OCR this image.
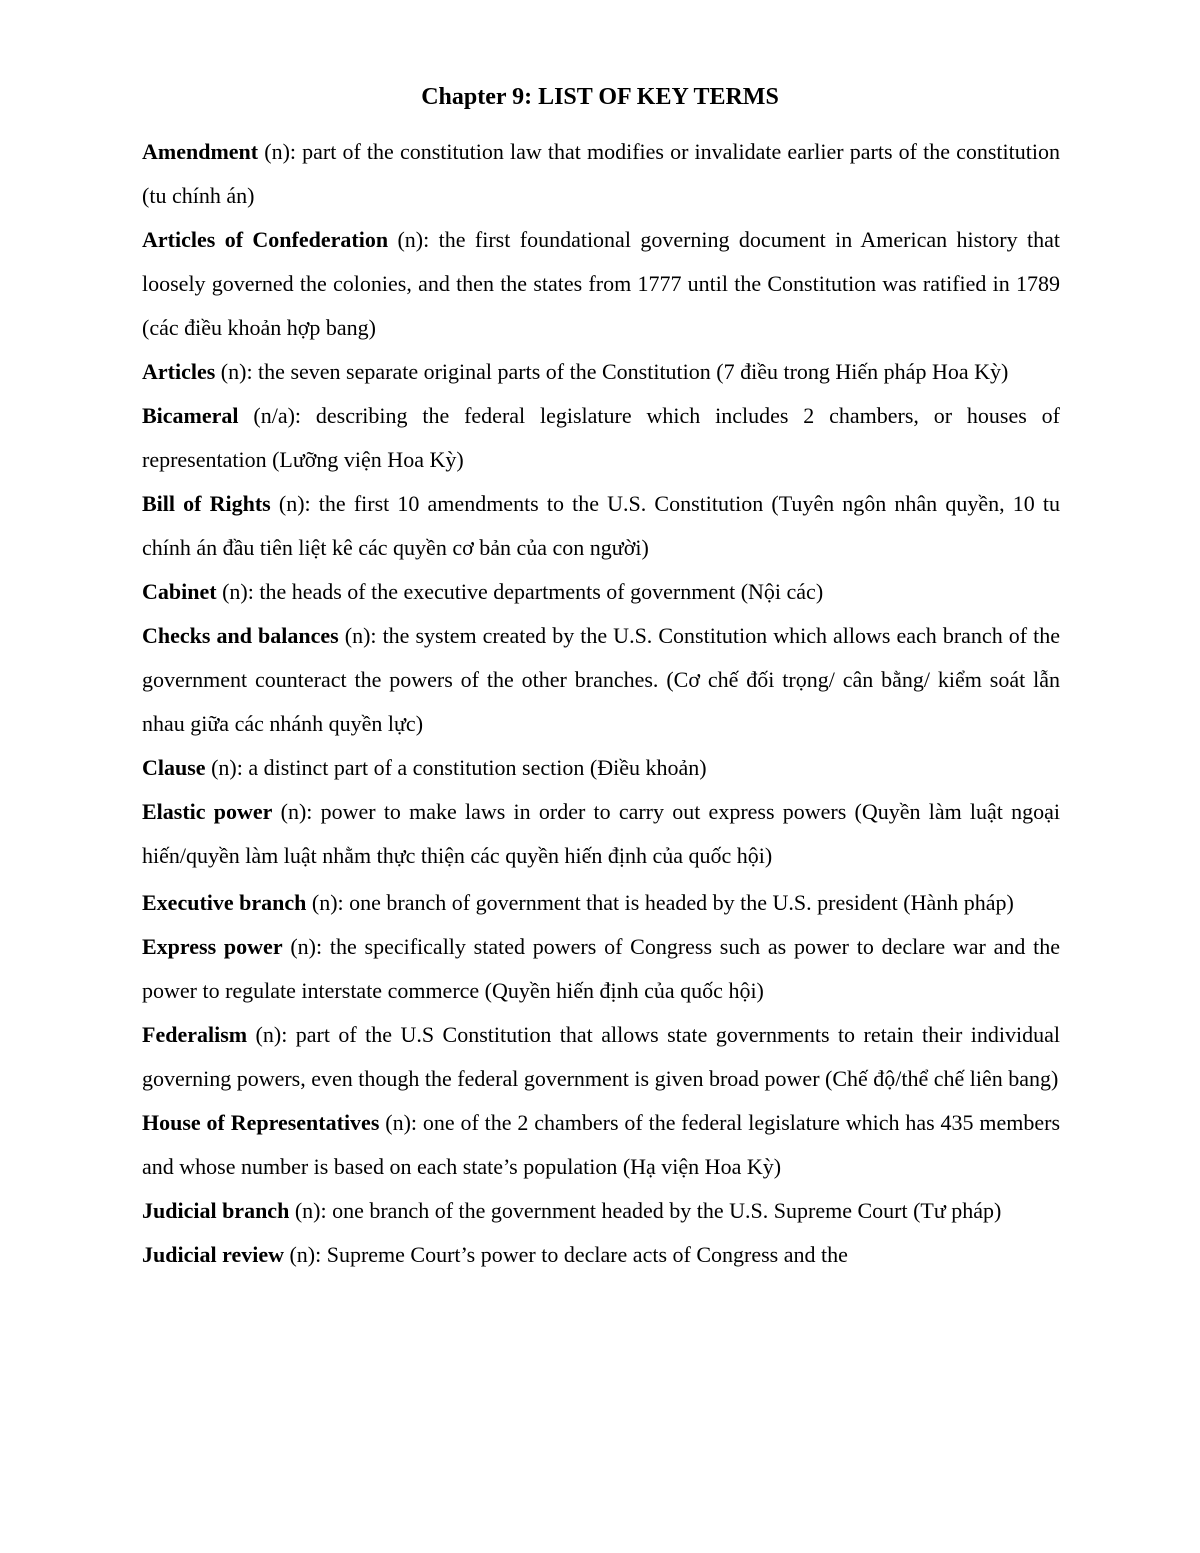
Chapter 9: LIST OF KEY TERMS

Amendment (n): part of the constitution law that modifies or invalidate earlier parts of the constitution (tu chính án)

Articles of Confederation (n): the first foundational governing document in American history that loosely governed the colonies, and then the states from 1777 until the Constitution was ratified in 1789 (các điều khoản hợp bang)

Articles (n): the seven separate original parts of the Constitution (7 điều trong Hiến pháp Hoa Kỳ)

Bicameral (n/a): describing the federal legislature which includes 2 chambers, or houses of representation (Lưỡng viện Hoa Kỳ)

Bill of Rights (n): the first 10 amendments to the U.S. Constitution (Tuyên ngôn nhân quyền, 10 tu chính án đầu tiên liệt kê các quyền cơ bản của con người)

Cabinet (n): the heads of the executive departments of government (Nội các)

Checks and balances (n): the system created by the U.S. Constitution which allows each branch of the government counteract the powers of the other branches. (Cơ chế đối trọng/ cân bằng/ kiểm soát lẫn nhau giữa các nhánh quyền lực)

Clause (n): a distinct part of a constitution section (Điều khoản)

Elastic power (n): power to make laws in order to carry out express powers (Quyền làm luật ngoại hiến/quyền làm luật nhằm thực thiện các quyền hiến định của quốc hội)

Executive branch (n): one branch of government that is headed by the U.S. president (Hành pháp)

Express power (n): the specifically stated powers of Congress such as power to declare war and the power to regulate interstate commerce (Quyền hiến định của quốc hội)

Federalism (n): part of the U.S Constitution that allows state governments to retain their individual governing powers, even though the federal government is given broad power (Chế độ/thể chế liên bang)

House of Representatives (n): one of the 2 chambers of the federal legislature which has 435 members and whose number is based on each state’s population (Hạ viện Hoa Kỳ)

Judicial branch (n): one branch of the government headed by the U.S. Supreme Court (Tư pháp)

Judicial review (n): Supreme Court’s power to declare acts of Congress and the
